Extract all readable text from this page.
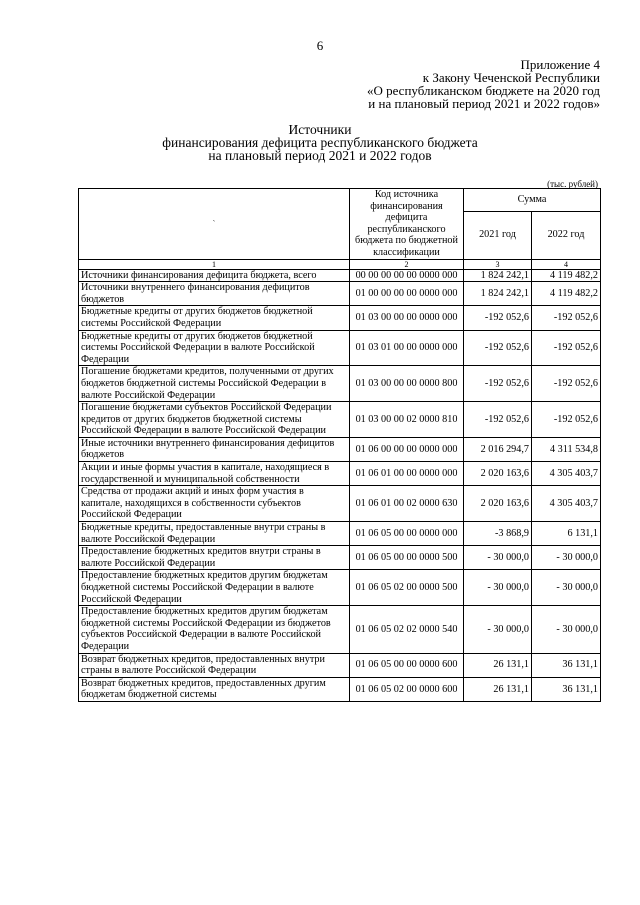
6
Приложение 4
к Закону Чеченской Республики
«О республиканском бюджете на 2020 год
и на плановый период 2021 и 2022 годов»
Источники
финансирования дефицита республиканского бюджета
на плановый период 2021 и 2022 годов
(тыс. рублей)
`	Код источника финансирования дефицита республиканского бюджета по бюджетной классификации	Сумма	
		2021 год	2022 год
1	2	3	4
Источники финансирования дефицита бюджета, всего	00 00 00 00 00 0000 000	1 824 242,1	4 119 482,2
Источники внутреннего финансирования дефицитов бюджетов	01 00 00 00 00 0000 000	1 824 242,1	4 119 482,2
Бюджетные кредиты от других бюджетов бюджетной системы Российской Федерации	01 03 00 00 00 0000 000	-192 052,6	-192 052,6
Бюджетные кредиты от других бюджетов бюджетной системы Российской Федерации в валюте Российской Федерации	01 03 01 00 00 0000 000	-192 052,6	-192 052,6
Погашение бюджетами кредитов, полученными от других бюджетов бюджетной системы Российской Федерации в валюте Российской Федерации	01 03 00 00 00 0000 800	-192 052,6	-192 052,6
Погашение бюджетами субъектов Российской Федерации кредитов от других бюджетов бюджетной системы Российской Федерации в валюте Российской Федерации	01 03 00 00 02 0000 810	-192 052,6	-192 052,6
Иные источники внутреннего финансирования дефицитов бюджетов	01 06 00 00 00 0000 000	2 016 294,7	4 311 534,8
Акции и иные формы участия в капитале, находящиеся в государственной и муниципальной собственности	01 06 01 00 00 0000 000	2 020 163,6	4 305 403,7
Средства от продажи акций и иных форм участия в капитале, находящихся в собственности субъектов Российской Федерации	01 06 01 00 02 0000 630	2 020 163,6	4 305 403,7
Бюджетные кредиты, предоставленные внутри страны в валюте Российской Федерации	01 06 05 00 00 0000 000	-3 868,9	6 131,1
Предоставление бюджетных кредитов внутри страны в валюте Российской Федерации	01 06 05 00 00 0000 500	- 30 000,0	- 30 000,0
Предоставление бюджетных кредитов другим бюджетам бюджетной системы Российской Федерации в валюте Российской Федерации	01 06 05 02 00 0000 500	- 30 000,0	- 30 000,0
Предоставление бюджетных кредитов другим бюджетам бюджетной системы Российской Федерации из бюджетов субъектов Российской Федерации в валюте Российской Федерации	01 06 05 02 02 0000 540	- 30 000,0	- 30 000,0
Возврат бюджетных кредитов, предоставленных внутри страны в валюте Российской Федерации	01 06 05 00 00 0000 600	26 131,1	36 131,1
Возврат бюджетных кредитов, предоставленных другим бюджетам бюджетной системы	01 06 05 02 00 0000 600	26 131,1	36 131,1
